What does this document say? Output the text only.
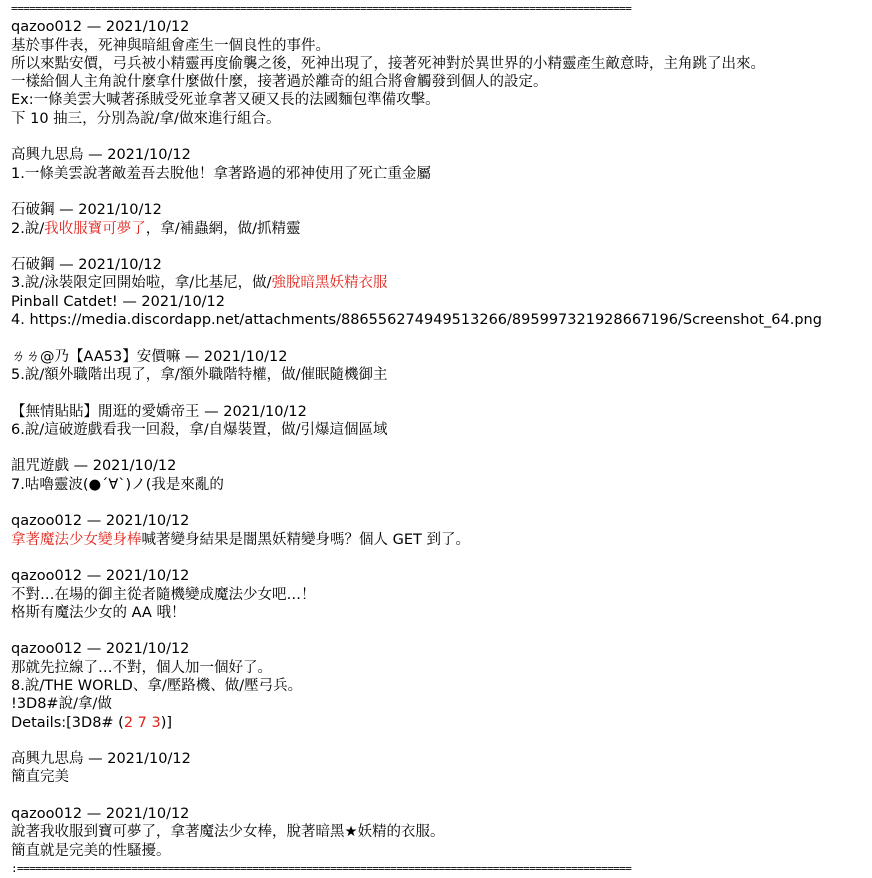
=======================================================================================================
qazoo012 — 2021/10/12
基於事件表，死神與暗組會產生一個良性的事件。
所以來點安價，弓兵被小精靈再度偷襲之後，死神出現了，接著死神對於異世界的小精靈產生敵意時，主角跳了出來。
一樣給個人主角說什麼拿什麼做什麼，接著過於離奇的組合將會觸發到個人的設定。
Ex:一條美雲大喊著孫賊受死並拿著又硬又長的法國麵包準備攻擊。
下 10 抽三，分別為說/拿/做來進行組合。
高興九思烏 — 2021/10/12
1.一條美雲說著敵羞吾去脫他！拿著路過的邪神使用了死亡重金屬
石破鋼 — 2021/10/12
2.說/我收服寶可夢了，拿/補蟲網，做/抓精靈
石破鋼 — 2021/10/12
3.說/泳裝限定回開始啦，拿/比基尼，做/強脫暗黑妖精衣服
Pinball Catdet! — 2021/10/12
4. https://media.discordapp.net/attachments/886556274949513266/895997321928667196/Screenshot_64.png
ㄌㄌ@乃【AA53】安價嘛 — 2021/10/12
5.說/額外職階出現了，拿/額外職階特權，做/催眠隨機御主
【無情貼貼】閒逛的愛嬌帝王 — 2021/10/12
6.說/這破遊戲看我一回殺，拿/自爆裝置，做/引爆這個區域
詛咒遊戲 — 2021/10/12
7.咕嚕靈波(●´∀`)ノ(我是來亂的
qazoo012 — 2021/10/12
拿著魔法少女變身棒喊著變身結果是闇黑妖精變身嗎？個人 GET 到了。
qazoo012 — 2021/10/12
不對…在場的御主從者隨機變成魔法少女吧…！
格斯有魔法少女的 AA 哦！
qazoo012 — 2021/10/12
那就先拉線了…不對，個人加一個好了。
8.說/THE WORLD、拿/壓路機、做/壓弓兵。
!3D8#說/拿/做
Details:[3D8# (2 7 3)]
高興九思烏 — 2021/10/12
簡直完美
qazoo012 — 2021/10/12
說著我收服到寶可夢了，拿著魔法少女棒，脫著暗黑★妖精的衣服。
簡直就是完美的性騷擾。
:======================================================================================================
